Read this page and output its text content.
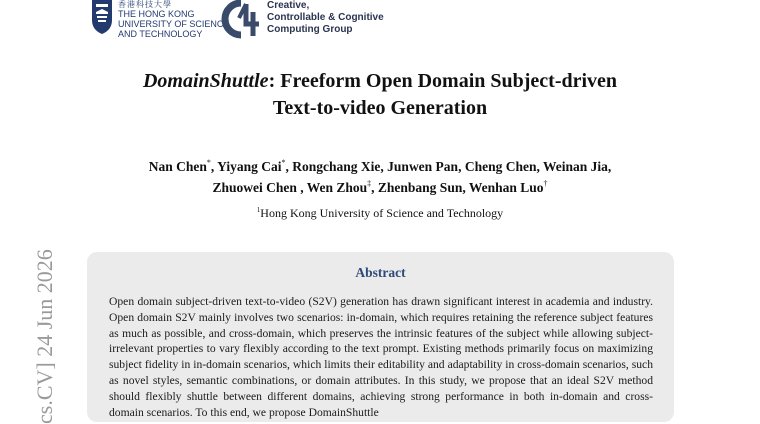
香港科技大學
THE HONG KONG
UNIVERSITY OF SCIENCE
AND TECHNOLOGY
Creative,
Controllable & Cognitive
Computing Group
DomainShuttle: Freeform Open Domain Subject-driven
Text-to-video Generation
Nan Chen*, Yiyang Cai*, Rongchang Xie, Junwen Pan, Cheng Chen, Weinan Jia,
Zhuowei Chen , Wen Zhou‡, Zhenbang Sun, Wenhan Luo†
$^1$Hong Kong University of Science and Technology
Abstract
Open domain subject-driven text-to-video (S2V) generation has drawn significant interest in academia and industry. Open domain S2V mainly involves two scenarios: in-domain, which requires retaining the reference subject features as much as possible, and cross-domain, which preserves the intrinsic features of the subject while allowing subject-irrelevant properties to vary flexibly according to the text prompt. Existing methods primarily focus on maximizing subject fidelity in in-domain scenarios, which limits their editability and adaptability in cross-domain scenarios, such as novel styles, semantic combinations, or domain attributes. In this study, we propose that an ideal S2V method should flexibly shuttle between different domains, achieving strong performance in both in-domain and cross-domain scenarios. To this end, we propose DomainShuttle
cs.CV] 24 Jun 2026
